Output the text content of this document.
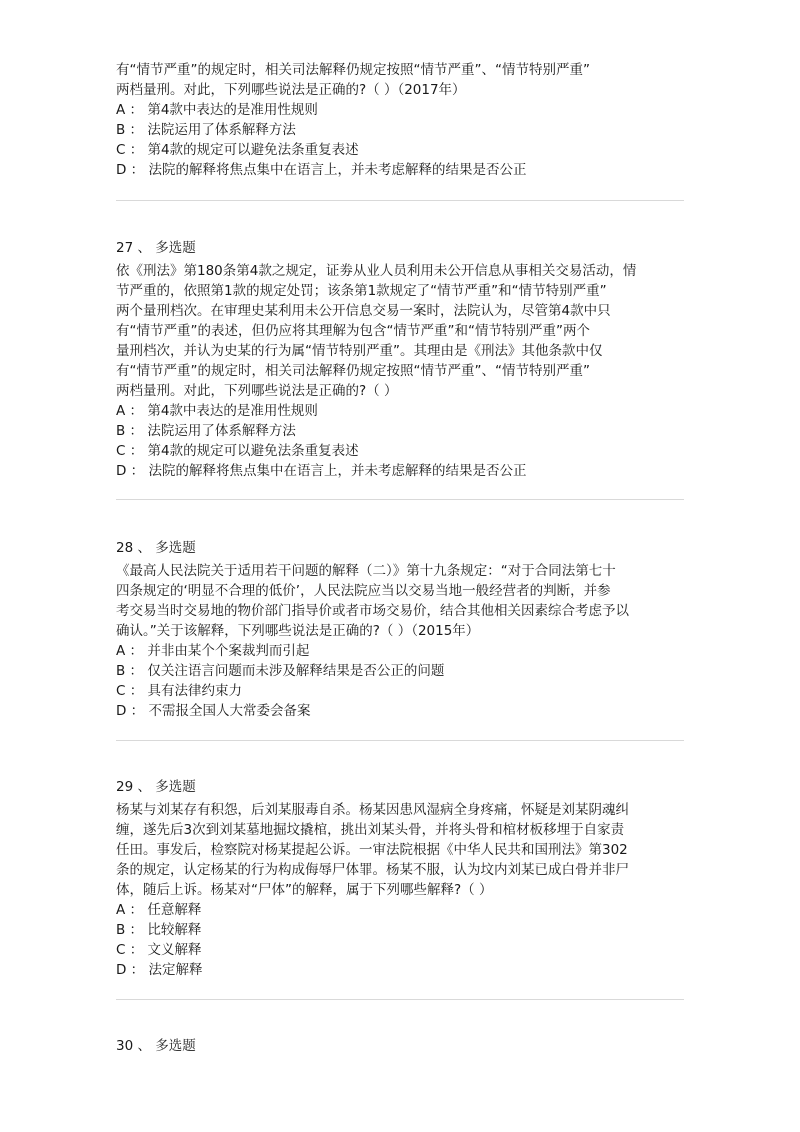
有“情节严重”的规定时，相关司法解释仍规定按照“情节严重”、“情节特别严重”
两档量刑。对此，下列哪些说法是正确的?（ ）（2017年）
A ： 第4款中表达的是准用性规则
B ： 法院运用了体系解释方法
C ： 第4款的规定可以避免法条重复表述
D ： 法院的解释将焦点集中在语言上，并未考虑解释的结果是否公正
27 、 多选题
依《刑法》第180条第4款之规定，证劵从业人员利用未公开信息从事相关交易活动，情
节严重的，依照第1款的规定处罚；该条第1款规定了“情节严重”和“情节特别严重”
两个量刑档次。在审理史某利用未公开信息交易一案时，法院认为，尽管第4款中只
有“情节严重”的表述，但仍应将其理解为包含“情节严重”和“情节特别严重”两个
量刑档次，并认为史某的行为属“情节特别严重”。其理由是《刑法》其他条款中仅
有“情节严重”的规定时，相关司法解释仍规定按照“情节严重”、“情节特别严重”
两档量刑。对此，下列哪些说法是正确的?（ ）
A ： 第4款中表达的是准用性规则
B ： 法院运用了体系解释方法
C ： 第4款的规定可以避免法条重复表述
D ： 法院的解释将焦点集中在语言上，并未考虑解释的结果是否公正
28 、 多选题
《最高人民法院关于适用若干问题的解释（二）》第十九条规定：“对于合同法第七十
四条规定的‘明显不合理的低价’，人民法院应当以交易当地一般经营者的判断，并参
考交易当时交易地的物价部门指导价或者市场交易价，结合其他相关因素综合考虑予以
确认。”关于该解释，下列哪些说法是正确的?（ ）（2015年）
A ： 并非由某个个案裁判而引起
B ： 仅关注语言问题而未涉及解释结果是否公正的问题
C ： 具有法律约束力
D ： 不需报全国人大常委会备案
29 、 多选题
杨某与刘某存有积怨，后刘某服毒自杀。杨某因患风湿病全身疼痛，怀疑是刘某阴魂纠
缠，遂先后3次到刘某墓地掘坟撬棺，挑出刘某头骨，并将头骨和棺材板移埋于自家责
任田。事发后，检察院对杨某提起公诉。一审法院根据《中华人民共和国刑法》第302
条的规定，认定杨某的行为构成侮辱尸体罪。杨某不服，认为坟内刘某已成白骨并非尸
体，随后上诉。杨某对“尸体”的解释，属于下列哪些解释?（ ）
A ： 任意解释
B ： 比较解释
C ： 文义解释
D ： 法定解释
30 、 多选题
